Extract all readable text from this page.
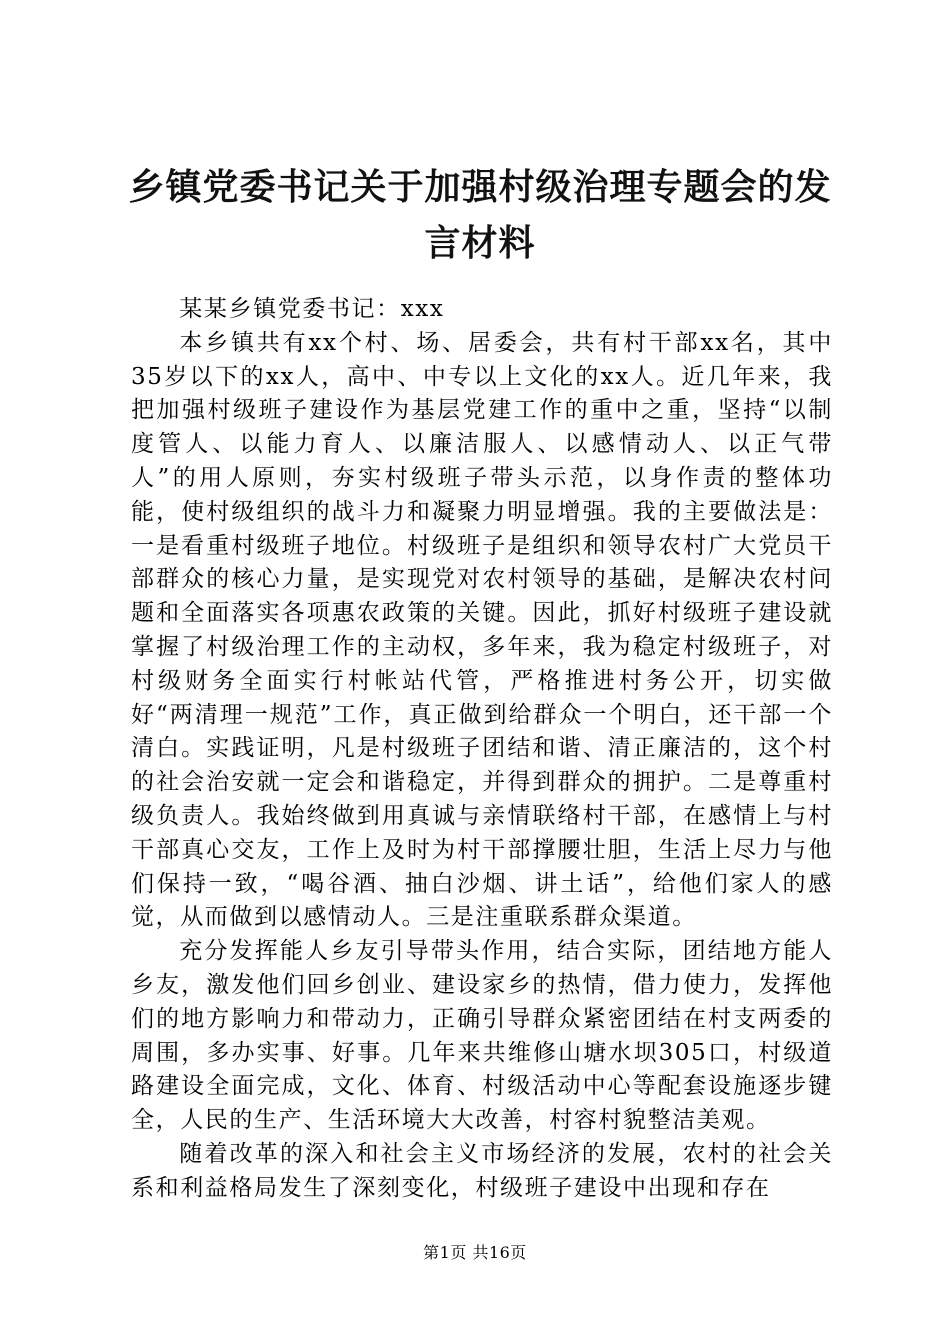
乡镇党委书记关于加强村级治理专题会的发言材料

某某乡镇党委书记：xxx

本乡镇共有xx个村、场、居委会，共有村干部xx名，其中35岁以下的xx人，高中、中专以上文化的xx人。近几年来，我把加强村级班子建设作为基层党建工作的重中之重，坚持“以制度管人、以能力育人、以廉洁服人、以感情动人、以正气带人”的用人原则，夯实村级班子带头示范，以身作责的整体功能，使村级组织的战斗力和凝聚力明显增强。我的主要做法是：一是看重村级班子地位。村级班子是组织和领导农村广大党员干部群众的核心力量，是实现党对农村领导的基础，是解决农村问题和全面落实各项惠农政策的关键。因此，抓好村级班子建设就掌握了村级治理工作的主动权，多年来，我为稳定村级班子，对村级财务全面实行村帐站代管，严格推进村务公开，切实做好“两清理一规范”工作，真正做到给群众一个明白，还干部一个清白。实践证明，凡是村级班子团结和谐、清正廉洁的，这个村的社会治安就一定会和谐稳定，并得到群众的拥护。二是尊重村级负责人。我始终做到用真诚与亲情联络村干部，在感情上与村干部真心交友，工作上及时为村干部撑腰壮胆，生活上尽力与他们保持一致，“喝谷酒、抽白沙烟、讲土话”，给他们家人的感觉，从而做到以感情动人。三是注重联系群众渠道。

充分发挥能人乡友引导带头作用，结合实际，团结地方能人乡友，激发他们回乡创业、建设家乡的热情，借力使力，发挥他们的地方影响力和带动力，正确引导群众紧密团结在村支两委的周围，多办实事、好事。几年来共维修山塘水坝305口，村级道路建设全面完成，文化、体育、村级活动中心等配套设施逐步键全，人民的生产、生活环境大大改善，村容村貌整洁美观。

随着改革的深入和社会主义市场经济的发展，农村的社会关系和利益格局发生了深刻变化，村级班子建设中出现和存在

第1页 共16页
